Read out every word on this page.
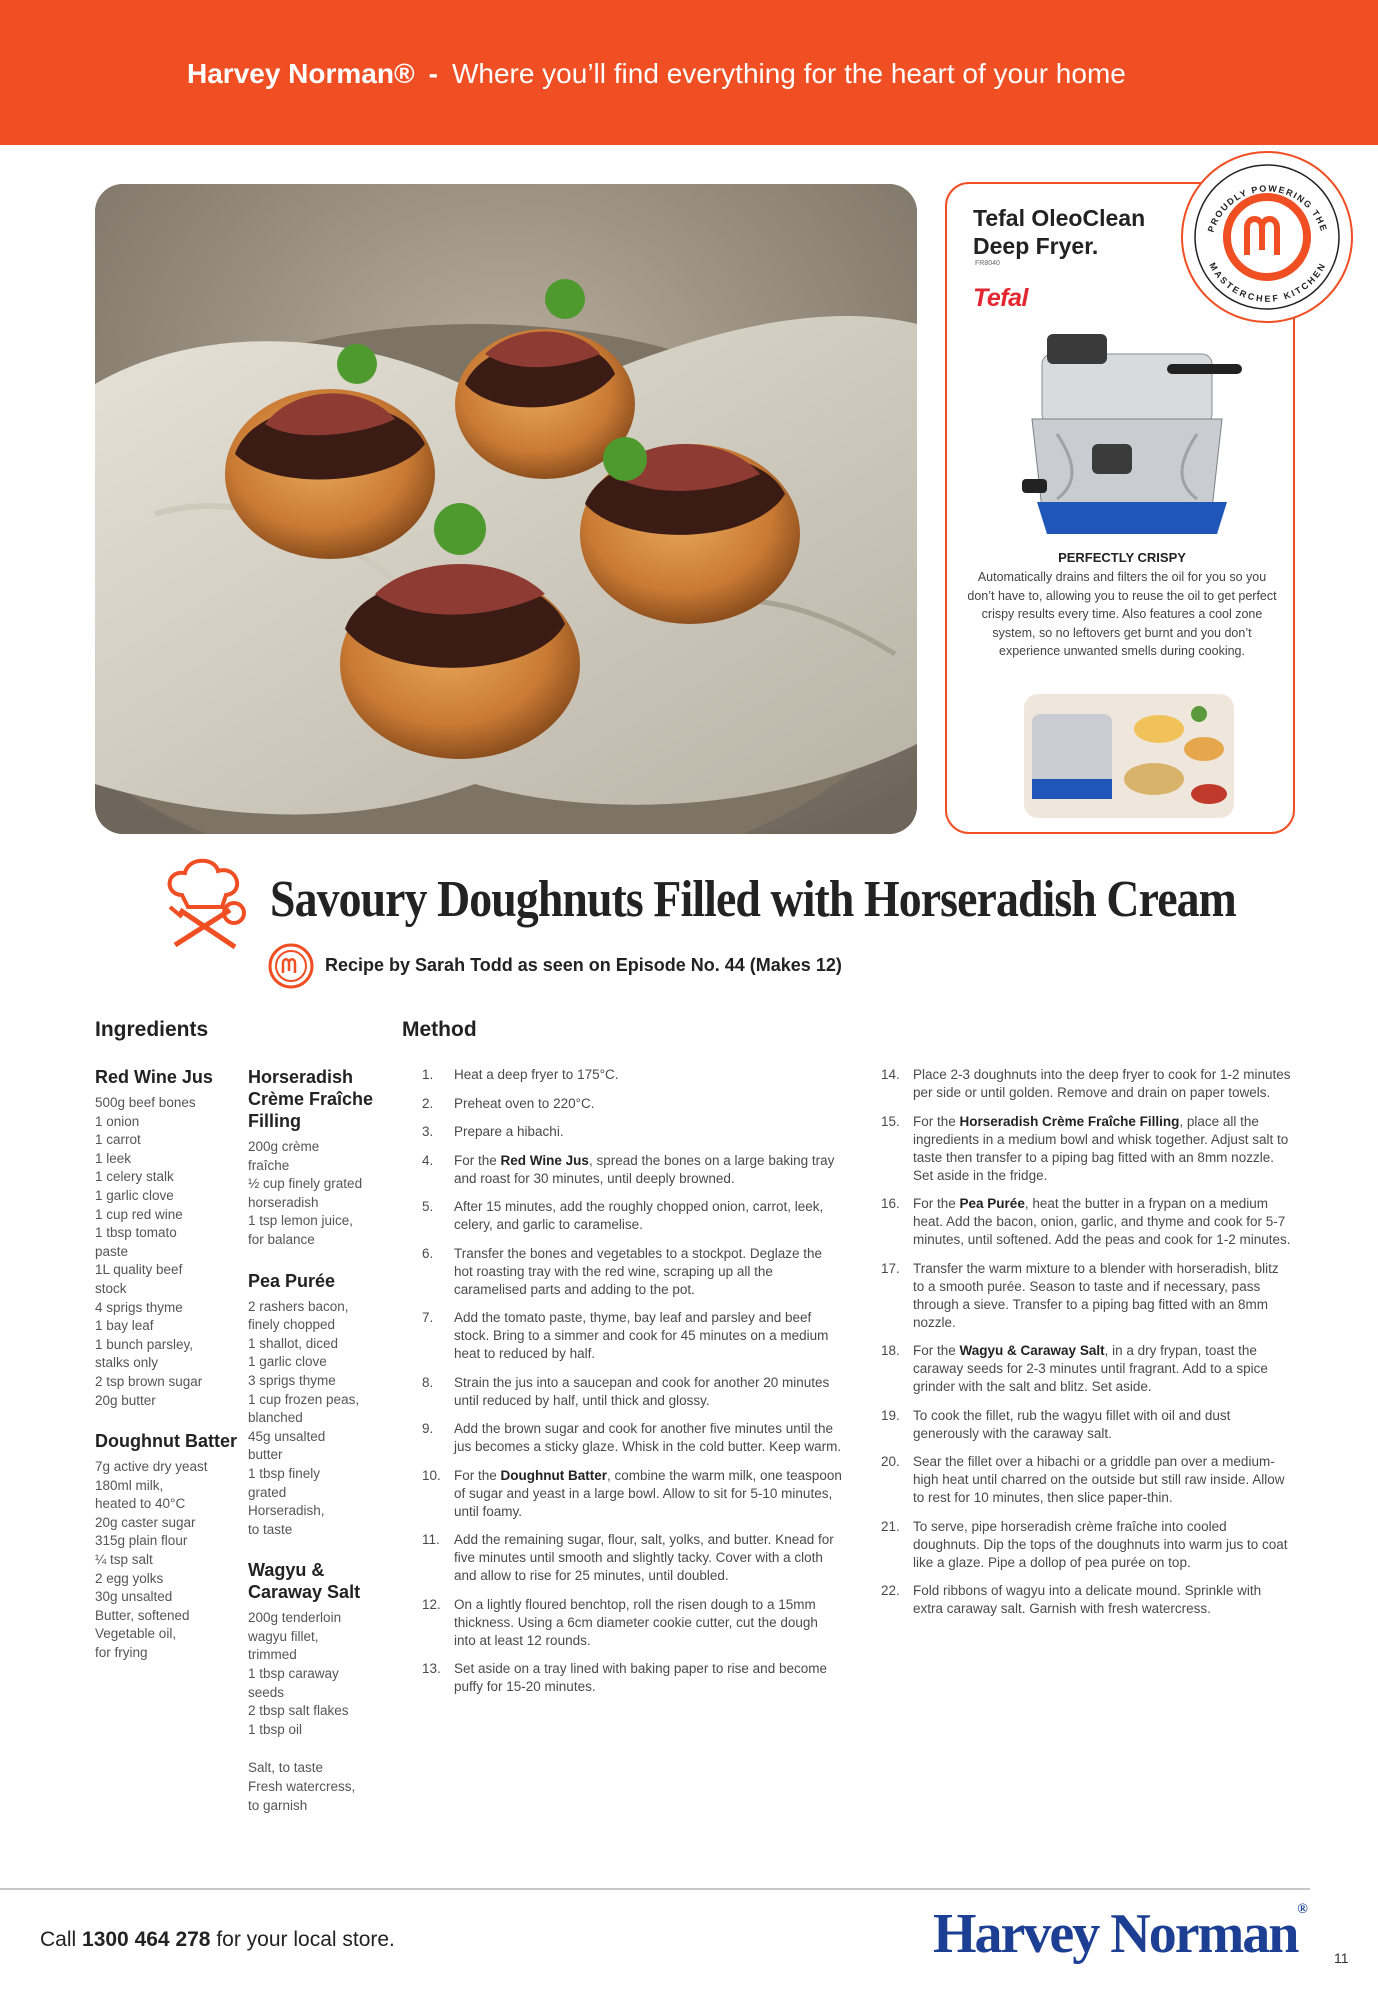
Harvey Norman® - Where you’ll find everything for the heart of your home
Tefal OleoClean Deep Fryer.
FR8040
Tefal
PERFECTLY CRISPY
Automatically drains and filters the oil for you so you don’t have to, allowing you to reuse the oil to get perfect crispy results every time. Also features a cool zone system, so no leftovers get burnt and you don’t experience unwanted smells during cooking.
PROUDLY POWERING THE
MASTERCHEF KITCHEN
Savoury Doughnuts Filled with Horseradish Cream
Recipe by Sarah Todd as seen on Episode No. 44 (Makes 12)
Ingredients
Red Wine Jus
500g beef bones
1 onion
1 carrot
1 leek
1 celery stalk
1 garlic clove
1 cup red wine
1 tbsp tomato
paste
1L quality beef
stock
4 sprigs thyme
1 bay leaf
1 bunch parsley,
stalks only
2 tsp brown sugar
20g butter
Doughnut Batter
7g active dry yeast
180ml milk,
heated to 40°C
20g caster sugar
315g plain flour
¼ tsp salt
2 egg yolks
30g unsalted
Butter, softened
Vegetable oil,
for frying
Horseradish Crème Fraîche Filling
200g crème
fraîche
½ cup finely grated
horseradish
1 tsp lemon juice,
for balance
Pea Purée
2 rashers bacon,
finely chopped
1 shallot, diced
1 garlic clove
3 sprigs thyme
1 cup frozen peas,
blanched
45g unsalted
butter
1 tbsp finely
grated
Horseradish,
to taste
Wagyu & Caraway Salt
200g tenderloin
wagyu fillet,
trimmed
1 tbsp caraway
seeds
2 tbsp salt flakes
1 tbsp oil
Salt, to taste
Fresh watercress,
to garnish
Method
1.	Heat a deep fryer to 175°C.
2.	Preheat oven to 220°C.
3.	Prepare a hibachi.
4.	For the Red Wine Jus, spread the bones on a large baking tray and roast for 30 minutes, until deeply browned.
5.	After 15 minutes, add the roughly chopped onion, carrot, leek, celery, and garlic to caramelise.
6.	Transfer the bones and vegetables to a stockpot. Deglaze the hot roasting tray with the red wine, scraping up all the caramelised parts and adding to the pot.
7.	Add the tomato paste, thyme, bay leaf and parsley and beef stock. Bring to a simmer and cook for 45 minutes on a medium heat to reduced by half.
8.	Strain the jus into a saucepan and cook for another 20 minutes until reduced by half, until thick and glossy.
9.	Add the brown sugar and cook for another five minutes until the jus becomes a sticky glaze. Whisk in the cold butter. Keep warm.
10. For the Doughnut Batter, combine the warm milk, one teaspoon of sugar and yeast in a large bowl. Allow to sit for 5-10 minutes, until foamy.
11.	Add the remaining sugar, flour, salt, yolks, and butter. Knead for five minutes until smooth and slightly tacky. Cover with a cloth and allow to rise for 25 minutes, until doubled.
12. On a lightly floured benchtop, roll the risen dough to a 15mm thickness. Using a 6cm diameter cookie cutter, cut the dough into at least 12 rounds.
13. Set aside on a tray lined with baking paper to rise and become puffy for 15-20 minutes.
14. Place 2-3 doughnuts into the deep fryer to cook for 1-2 minutes per side or until golden. Remove and drain on paper towels.
15. For the Horseradish Crème Fraîche Filling, place all the ingredients in a medium bowl and whisk together. Adjust salt to taste then transfer to a piping bag fitted with an 8mm nozzle. Set aside in the fridge.
16. For the Pea Purée, heat the butter in a frypan on a medium heat. Add the bacon, onion, garlic, and thyme and cook for 5-7 minutes, until softened. Add the peas and cook for 1-2 minutes.
17. Transfer the warm mixture to a blender with horseradish, blitz to a smooth purée. Season to taste and if necessary, pass through a sieve. Transfer to a piping bag fitted with an 8mm nozzle.
18. For the Wagyu & Caraway Salt, in a dry frypan, toast the caraway seeds for 2-3 minutes until fragrant. Add to a spice grinder with the salt and blitz. Set aside.
19. To cook the fillet, rub the wagyu fillet with oil and dust generously with the caraway salt.
20. Sear the fillet over a hibachi or a griddle pan over a medium-high heat until charred on the outside but still raw inside. Allow to rest for 10 minutes, then slice paper-thin.
21. To serve, pipe horseradish crème fraîche into cooled doughnuts. Dip the tops of the doughnuts into warm jus to coat like a glaze. Pipe a dollop of pea purée on top.
22. Fold ribbons of wagyu into a delicate mound. Sprinkle with extra caraway salt. Garnish with fresh watercress.
Call 1300 464 278 for your local store.	Harvey Norman®
11
